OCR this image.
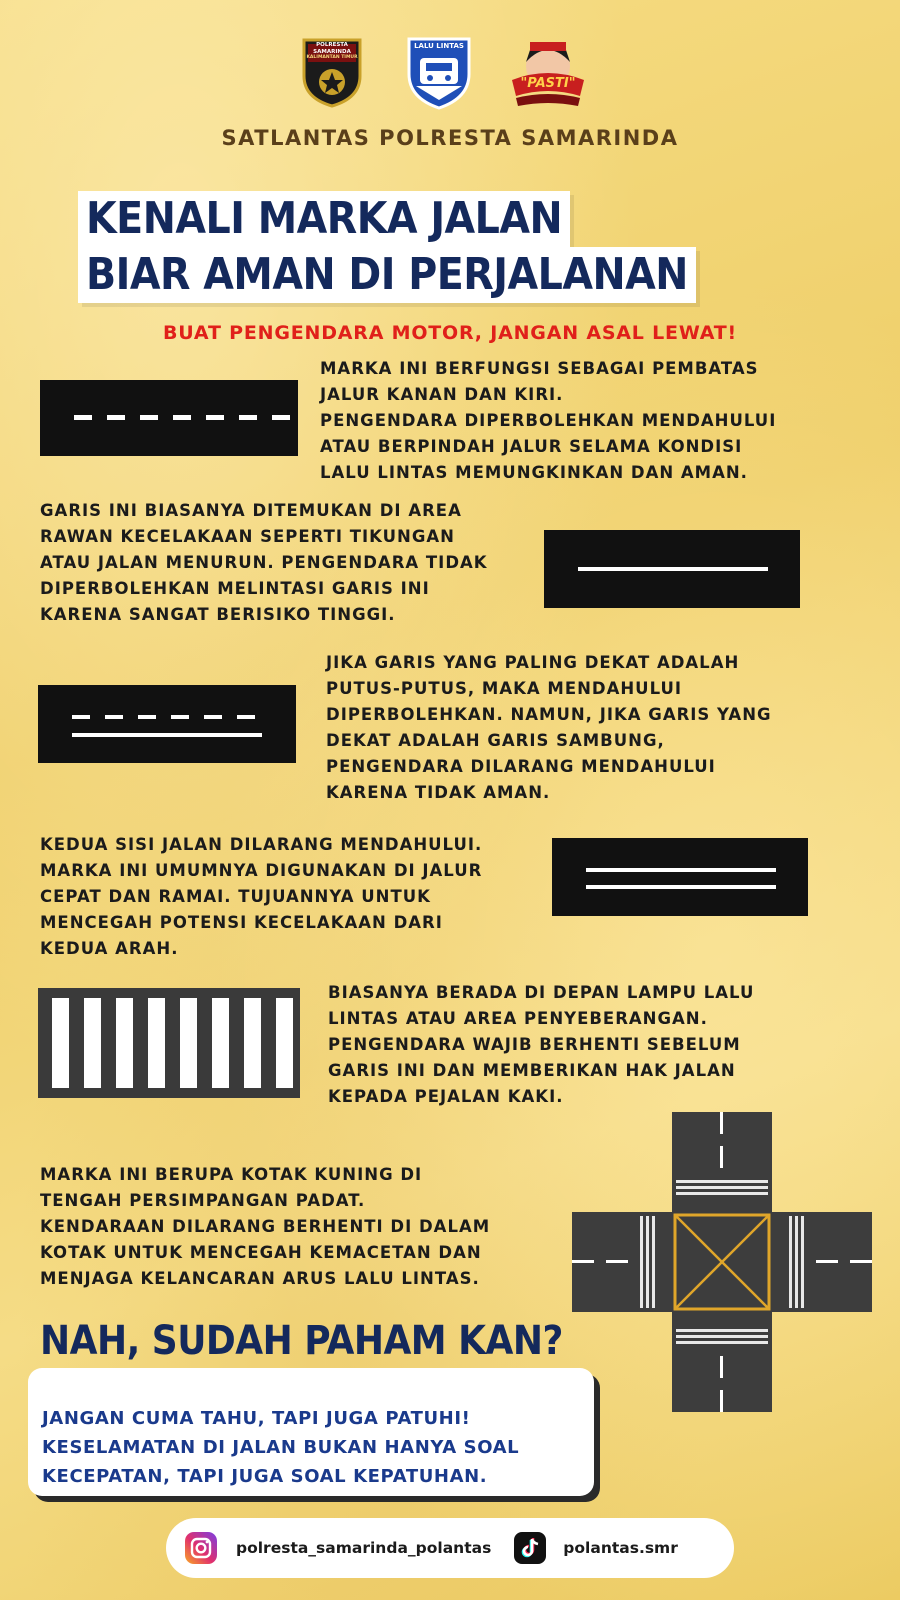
POLRESTA
SAMARINDA
KALIMANTAN TIMUR
LALU LINTAS
"PASTI"
SATLANTAS POLRESTA SAMARINDA
KENALI MARKA JALAN
BIAR AMAN DI PERJALANAN
BUAT PENGENDARA MOTOR, JANGAN ASAL LEWAT!
MARKA INI BERFUNGSI SEBAGAI PEMBATAS
JALUR KANAN DAN KIRI.
PENGENDARA DIPERBOLEHKAN MENDAHULUI
ATAU BERPINDAH JALUR SELAMA KONDISI
LALU LINTAS MEMUNGKINKAN DAN AMAN.
GARIS INI BIASANYA DITEMUKAN DI AREA
RAWAN KECELAKAAN SEPERTI TIKUNGAN
ATAU JALAN MENURUN. PENGENDARA TIDAK
DIPERBOLEHKAN MELINTASI GARIS INI
KARENA SANGAT BERISIKO TINGGI.
JIKA GARIS YANG PALING DEKAT ADALAH
PUTUS-PUTUS, MAKA MENDAHULUI
DIPERBOLEHKAN. NAMUN, JIKA GARIS YANG
DEKAT ADALAH GARIS SAMBUNG,
PENGENDARA DILARANG MENDAHULUI
KARENA TIDAK AMAN.
KEDUA SISI JALAN DILARANG MENDAHULUI.
MARKA INI UMUMNYA DIGUNAKAN DI JALUR
CEPAT DAN RAMAI. TUJUANNYA UNTUK
MENCEGAH POTENSI KECELAKAAN DARI
KEDUA ARAH.
BIASANYA BERADA DI DEPAN LAMPU LALU
LINTAS ATAU AREA PENYEBERANGAN.
PENGENDARA WAJIB BERHENTI SEBELUM
GARIS INI DAN MEMBERIKAN HAK JALAN
KEPADA PEJALAN KAKI.
MARKA INI BERUPA KOTAK KUNING DI
TENGAH PERSIMPANGAN PADAT.
KENDARAAN DILARANG BERHENTI DI DALAM
KOTAK UNTUK MENCEGAH KEMACETAN DAN
MENJAGA KELANCARAN ARUS LALU LINTAS.
NAH, SUDAH PAHAM KAN?
JANGAN CUMA TAHU, TAPI JUGA PATUHI!
KESELAMATAN DI JALAN BUKAN HANYA SOAL
KECEPATAN, TAPI JUGA SOAL KEPATUHAN.
polresta_samarinda_polantas	polantas.smr
